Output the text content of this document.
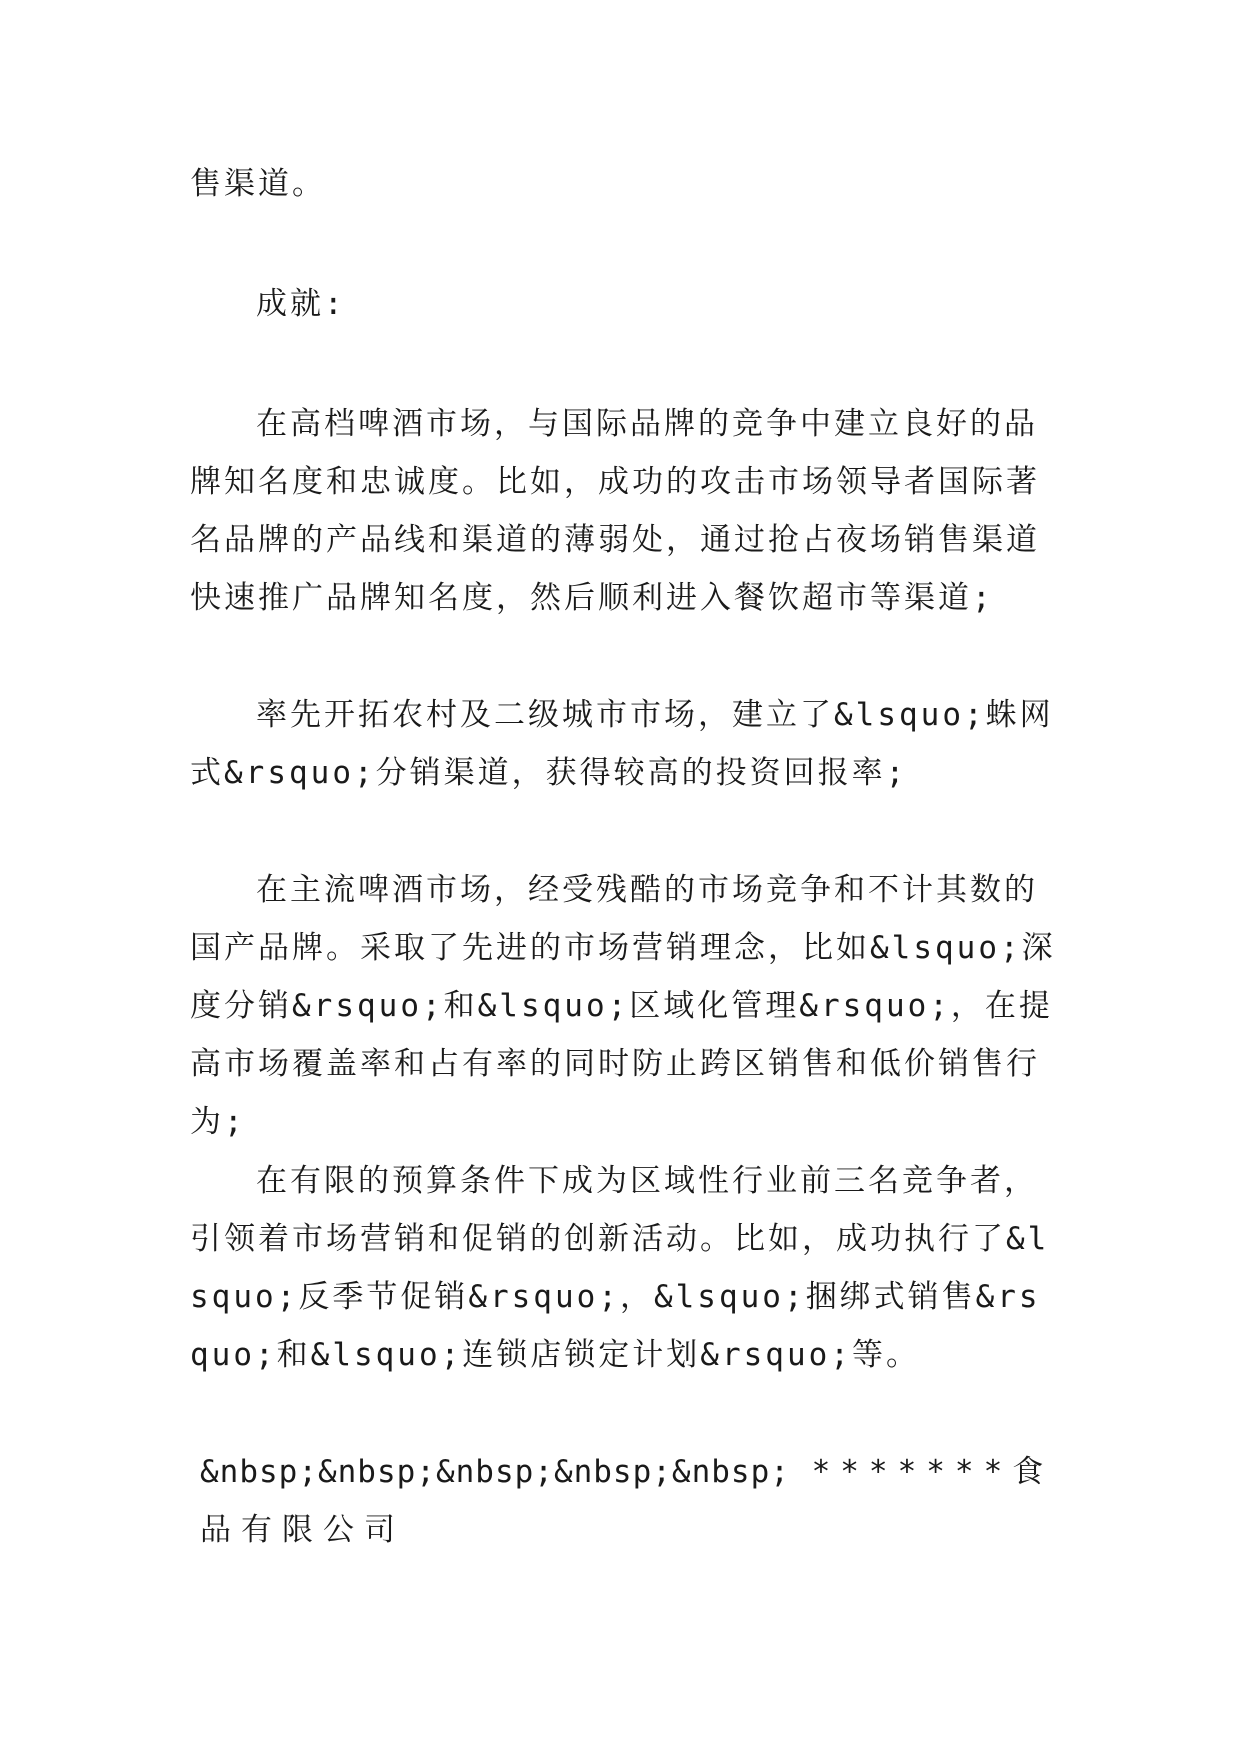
售渠道。

成就:

在高档啤酒市场，与国际品牌的竞争中建立良好的品牌知名度和忠诚度。比如，成功的攻击市场领导者国际著名品牌的产品线和渠道的薄弱处，通过抢占夜场销售渠道快速推广品牌知名度，然后顺利进入餐饮超市等渠道;

率先开拓农村及二级城市市场，建立了&lsquo;蛛网式&rsquo;分销渠道，获得较高的投资回报率;

在主流啤酒市场，经受残酷的市场竞争和不计其数的国产品牌。采取了先进的市场营销理念，比如&lsquo;深度分销&rsquo;和&lsquo;区域化管理&rsquo;，在提高市场覆盖率和占有率的同时防止跨区销售和低价销售行为;

在有限的预算条件下成为区域性行业前三名竞争者，引领着市场营销和促销的创新活动。比如，成功执行了&lsquo;反季节促销&rsquo;，&lsquo;捆绑式销售&rsquo;和&lsquo;连锁店锁定计划&rsquo;等。

&nbsp;&nbsp;&nbsp;&nbsp;&nbsp; *******食品有限公司
